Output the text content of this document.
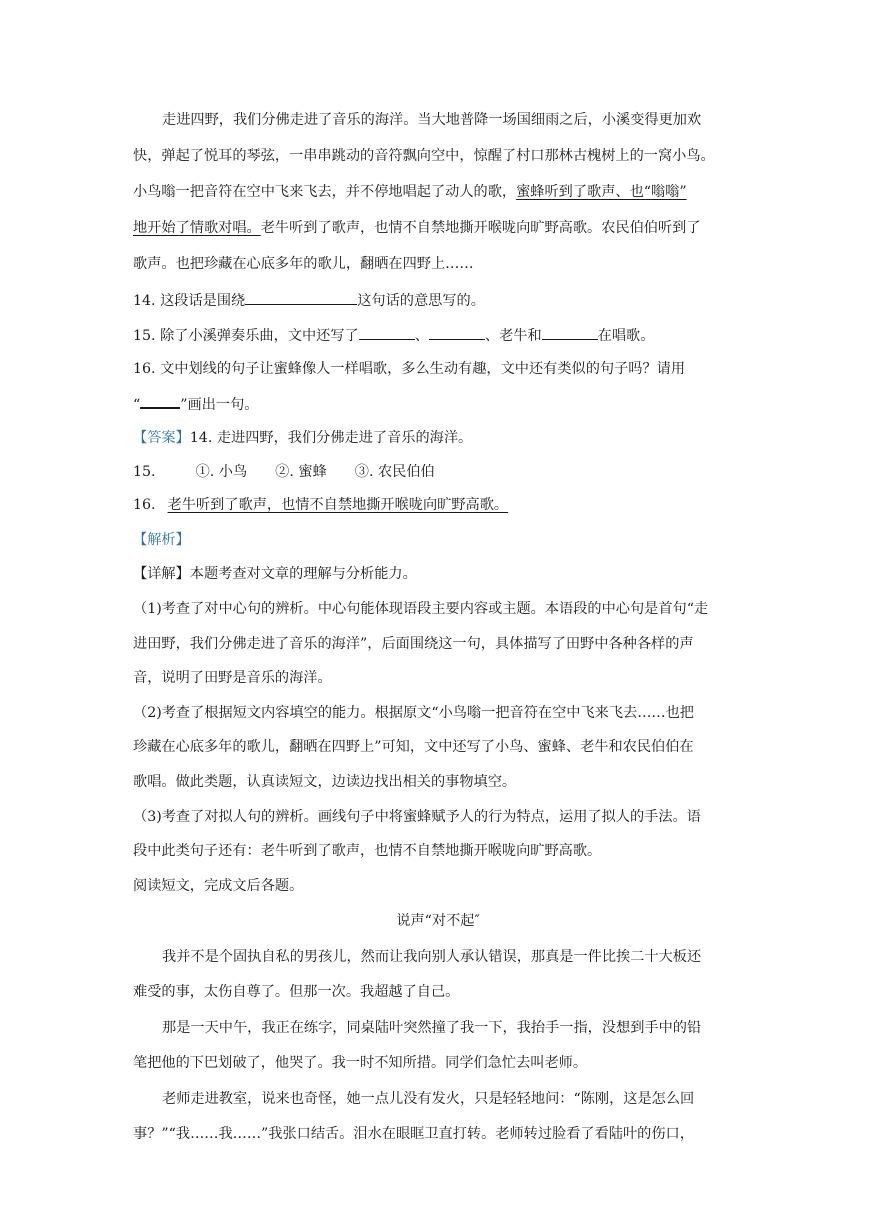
走进四野，我们分佛走进了音乐的海洋。当大地普降一场国细雨之后，小溪变得更加欢
快，弹起了悦耳的琴弦，一串串跳动的音符飘向空中，惊醒了村口那林古槐树上的一窝小鸟。
小鸟嗡一把音符在空中飞来飞去，并不停地唱起了动人的歌，蜜蜂听到了歌声、也“嗡嗡”
地开始了情歌对唱。老牛听到了歌声，也情不自禁地撕开喉咙向旷野高歌。农民伯伯听到了
歌声。也把珍藏在心底多年的歌儿，翻晒在四野上……
14. 这段话是围绕	这句话的意思写的。
15. 除了小溪弹奏乐曲，文中还写了	、	、老牛和	在唱歌。
16. 文中划线的句子让蜜蜂像人一样唱歌，多么生动有趣，文中还有类似的句子吗？请用
“	”画出一句。
【答案】14. 走进四野，我们分佛走进了音乐的海洋。
15.	①. 小鸟 ②. 蜜蜂 ③. 农民伯伯
16. 老牛听到了歌声，也情不自禁地撕开喉咙向旷野高歌。
【解析】
【详解】本题考查对文章的理解与分析能力。
（1)考查了对中心句的辨析。中心句能体现语段主要内容或主题。本语段的中心句是首句“走
进田野，我们分佛走进了音乐的海洋”，后面围绕这一句，具体描写了田野中各种各样的声
音，说明了田野是音乐的海洋。
（2)考查了根据短文内容填空的能力。根据原文“小鸟嗡一把音符在空中飞来飞去……也把
珍藏在心底多年的歌儿，翻晒在四野上”可知，文中还写了小鸟、蜜蜂、老牛和农民伯伯在
歌唱。做此类题，认真读短文，边读边找出相关的事物填空。
（3)考查了对拟人句的辨析。画线句子中将蜜蜂赋予人的行为特点，运用了拟人的手法。语
段中此类句子还有：老牛听到了歌声，也情不自禁地撕开喉咙向旷野高歌。
阅读短文，完成文后各题。
说声“对不起″
我并不是个固执自私的男孩儿，然而让我向别人承认错误，那真是一件比挨二十大板还
难受的事，太伤自尊了。但那一次。我超越了自己。
那是一天中午，我正在练字，同桌陆叶突然撞了我一下，我抬手一指，没想到手中的铅
笔把他的下巴划破了，他哭了。我一时不知所措。同学们急忙去叫老师。
老师走进教室，说来也奇怪，她一点儿没有发火，只是轻轻地问：“陈刚，这是怎么回
事？”“我……我……”我张口结舌。泪水在眼眶卫直打转。老师转过脸看了看陆叶的伤口，
